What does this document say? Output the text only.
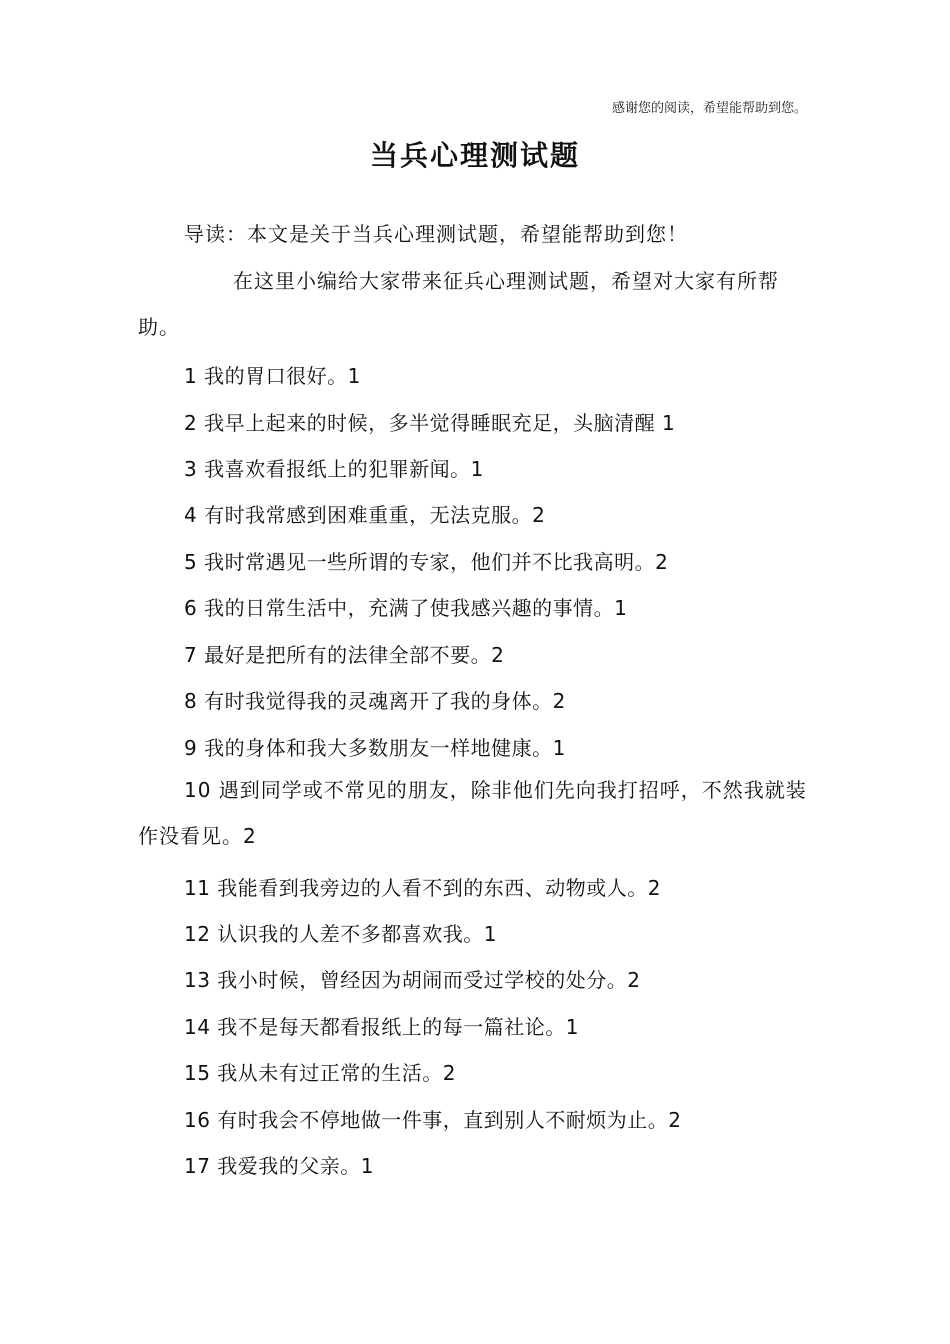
感谢您的阅读，希望能帮助到您。
当兵心理测试题
导读：本文是关于当兵心理测试题，希望能帮助到您！
在这里小编给大家带来征兵心理测试题，希望对大家有所帮助。
1 我的胃口很好。1
2 我早上起来的时候，多半觉得睡眠充足，头脑清醒 1
3 我喜欢看报纸上的犯罪新闻。1
4 有时我常感到困难重重，无法克服。2
5 我时常遇见一些所谓的专家，他们并不比我高明。2
6 我的日常生活中，充满了使我感兴趣的事情。1
7 最好是把所有的法律全部不要。2
8 有时我觉得我的灵魂离开了我的身体。2
9 我的身体和我大多数朋友一样地健康。1
10 遇到同学或不常见的朋友，除非他们先向我打招呼，不然我就装作没看见。2
11 我能看到我旁边的人看不到的东西、动物或人。2
12 认识我的人差不多都喜欢我。1
13 我小时候，曾经因为胡闹而受过学校的处分。2
14 我不是每天都看报纸上的每一篇社论。1
15 我从未有过正常的生活。2
16 有时我会不停地做一件事，直到别人不耐烦为止。2
17 我爱我的父亲。1
